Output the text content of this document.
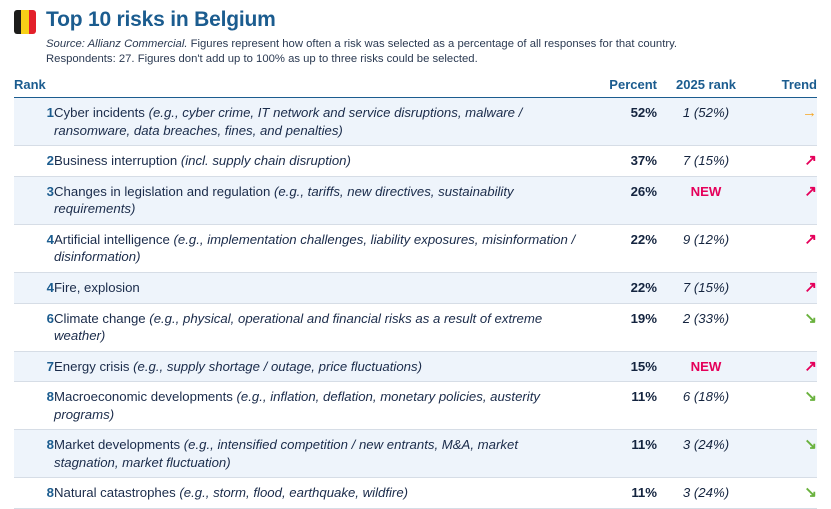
Top 10 risks in Belgium
Source: Allianz Commercial. Figures represent how often a risk was selected as a percentage of all responses for that country.
Respondents: 27. Figures don't add up to 100% as up to three risks could be selected.
Rank		Percent	2025 rank	Trend
1	Cyber incidents (e.g., cyber crime, IT network and service disruptions, malware / ransomware, data breaches, fines, and penalties)	52%	1 (52%)	→
2	Business interruption (incl. supply chain disruption)	37%	7 (15%)	↗
3	Changes in legislation and regulation (e.g., tariffs, new directives, sustainability requirements)	26%	NEW	↗
4	Artificial intelligence (e.g., implementation challenges, liability exposures, misinformation / disinformation)	22%	9 (12%)	↗
4	Fire, explosion	22%	7 (15%)	↗
6	Climate change (e.g., physical, operational and financial risks as a result of extreme weather)	19%	2 (33%)	↘
7	Energy crisis (e.g., supply shortage / outage, price fluctuations)	15%	NEW	↗
8	Macroeconomic developments (e.g., inflation, deflation, monetary policies, austerity programs)	11%	6 (18%)	↘
8	Market developments (e.g., intensified competition / new entrants, M&A, market stagnation, market fluctuation)	11%	3 (24%)	↘
8	Natural catastrophes (e.g., storm, flood, earthquake, wildfire)	11%	3 (24%)	↘
